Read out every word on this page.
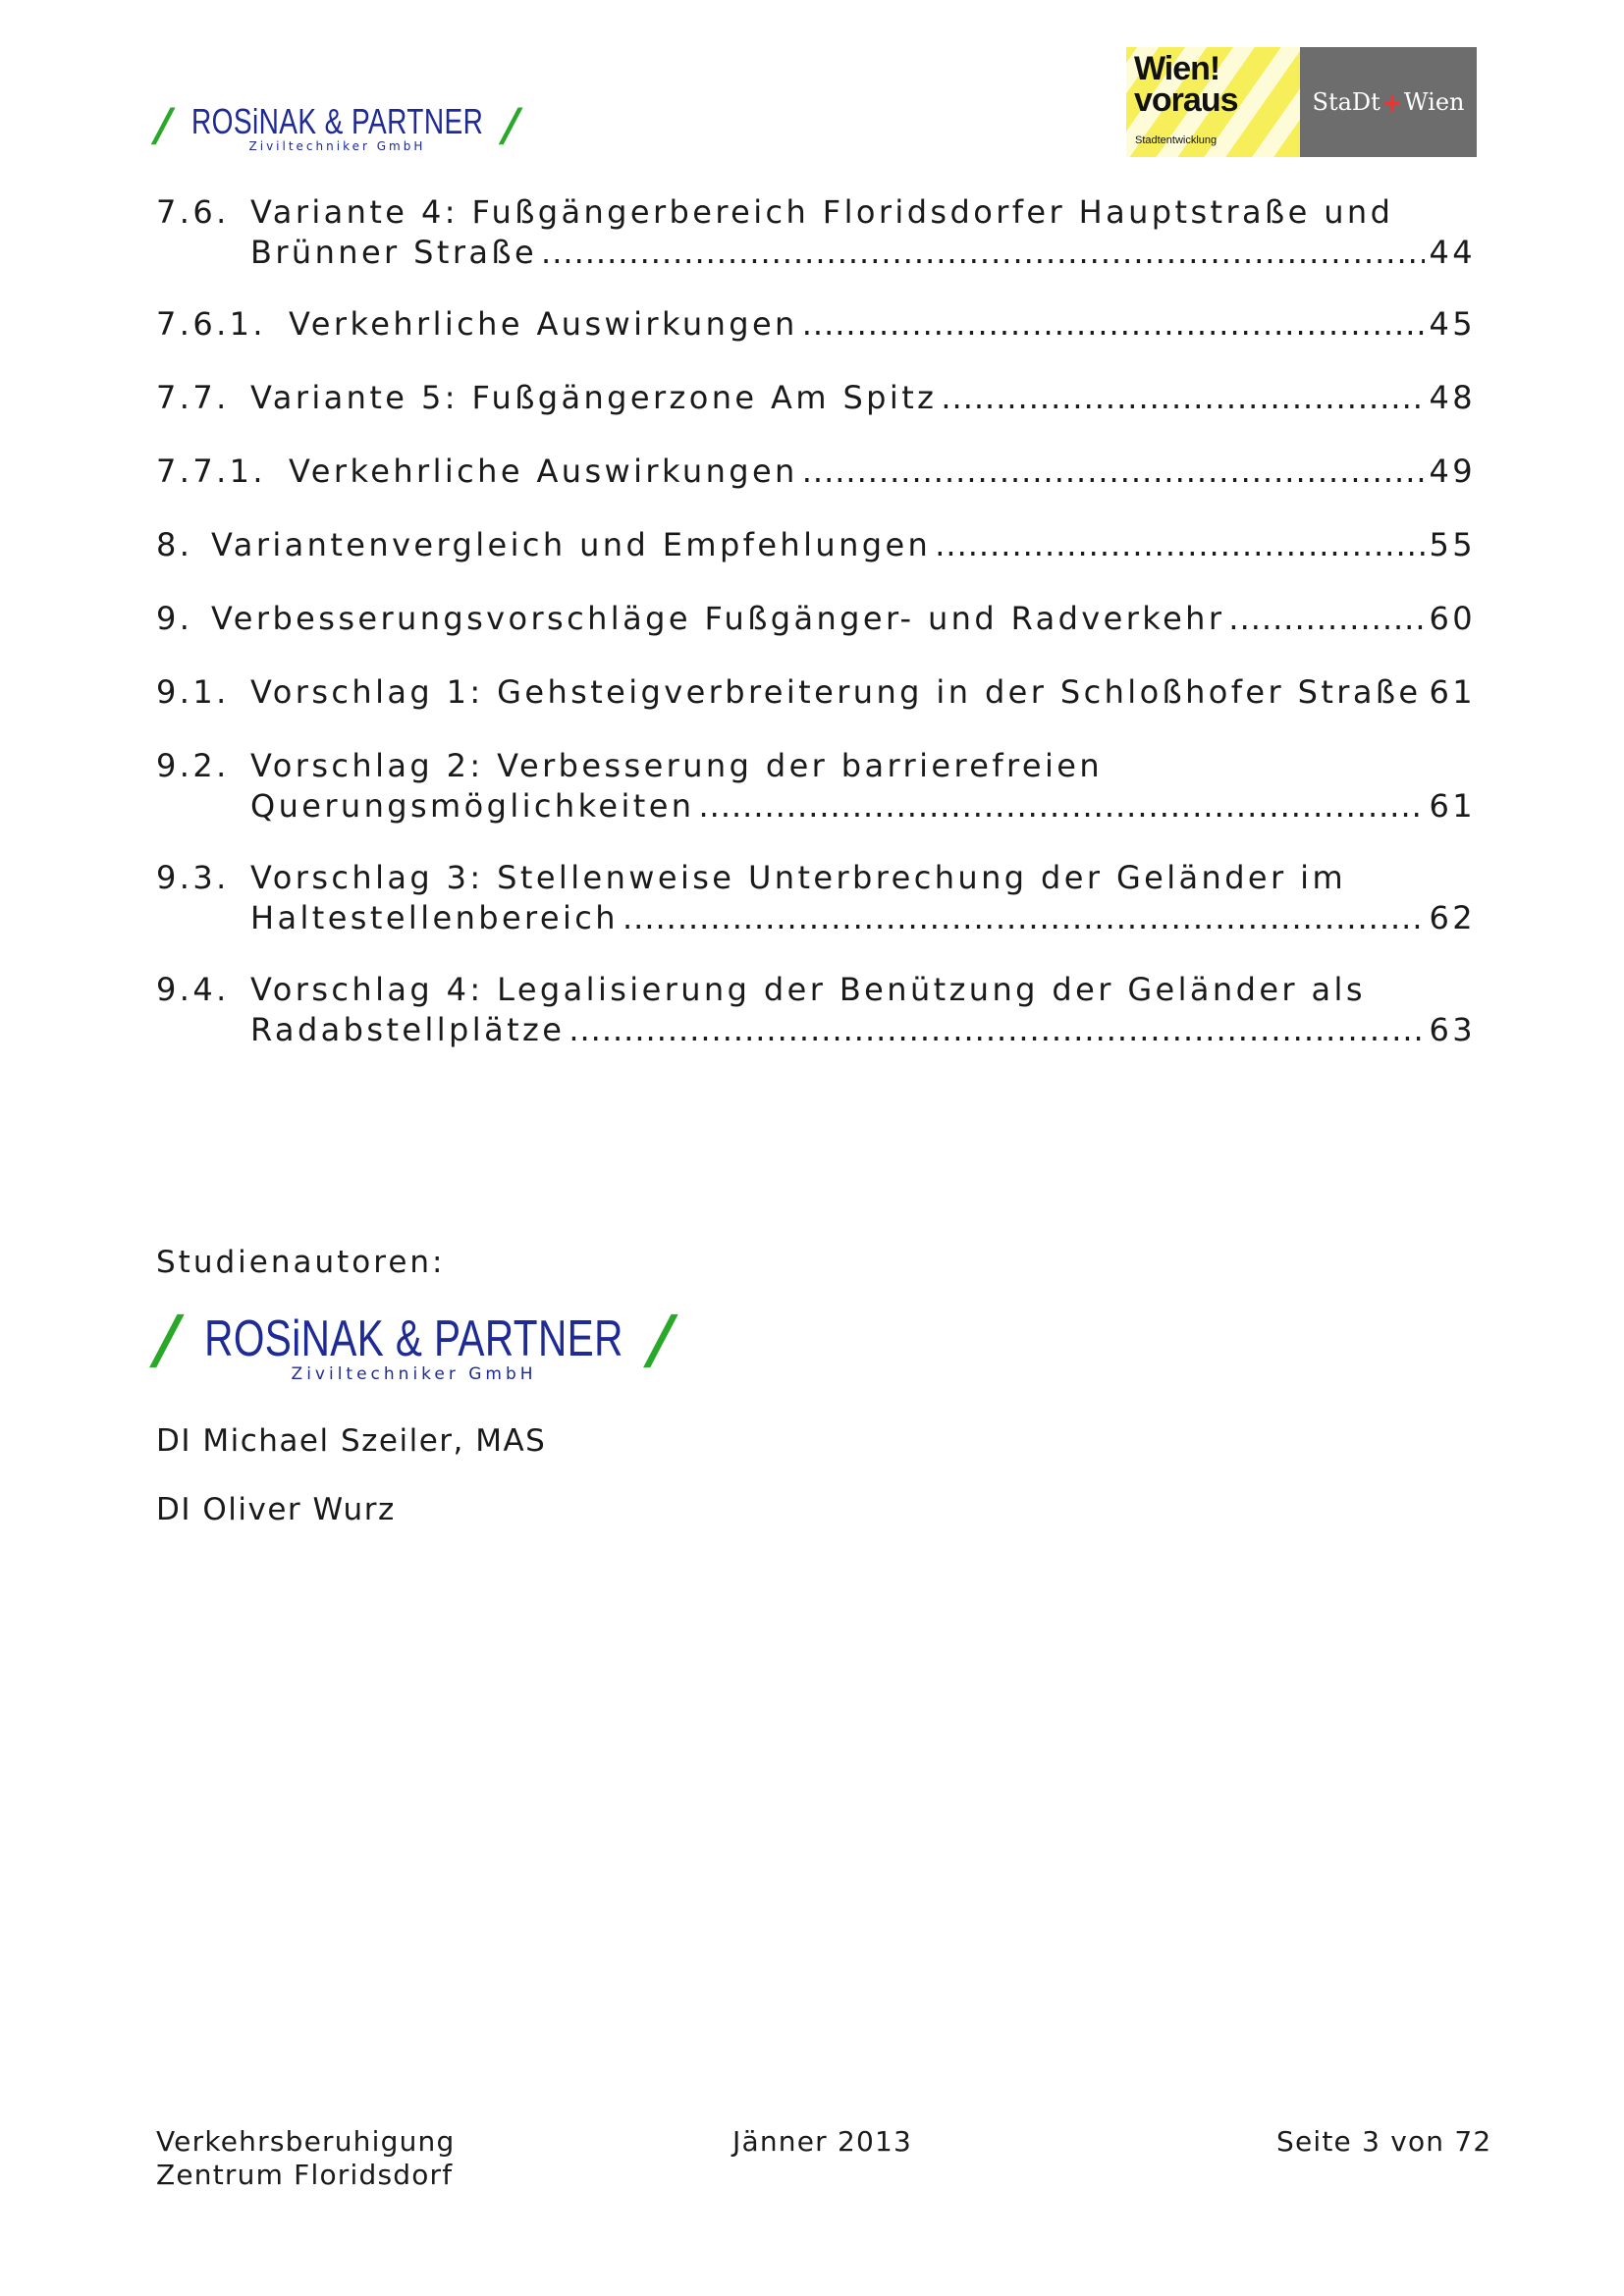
/ ROSiNAK & PARTNER
Ziviltechniker GmbH /
Wien!
voraus
Stadtentwicklung
StaDt + Wien
7.6. Variante 4: Fußgängerbereich Floridsdorfer Hauptstraße und
Brünner Straße .....	44
7.6.1. Verkehrliche Auswirkungen .....	45
7.7. Variante 5: Fußgängerzone Am Spitz .....	48
7.7.1. Verkehrliche Auswirkungen .....	49
8. Variantenvergleich und Empfehlungen .....	55
9. Verbesserungsvorschläge Fußgänger- und Radverkehr .....	60
9.1. Vorschlag 1: Gehsteigverbreiterung in der Schloßhofer Straße ..... 61
9.2. Vorschlag 2: Verbesserung der barrierefreien
Querungsmöglichkeiten .....	61
9.3. Vorschlag 3: Stellenweise Unterbrechung der Geländer im
Haltestellenbereich .....	62
9.4. Vorschlag 4: Legalisierung der Benützung der Geländer als
Radabstellplätze .....	63
Studienautoren:
/ ROSiNAK & PARTNER
Ziviltechniker GmbH /
DI Michael Szeiler, MAS
DI Oliver Wurz
Verkehrsberuhigung
Zentrum Floridsdorf
Jänner 2013	Seite 3 von 72
